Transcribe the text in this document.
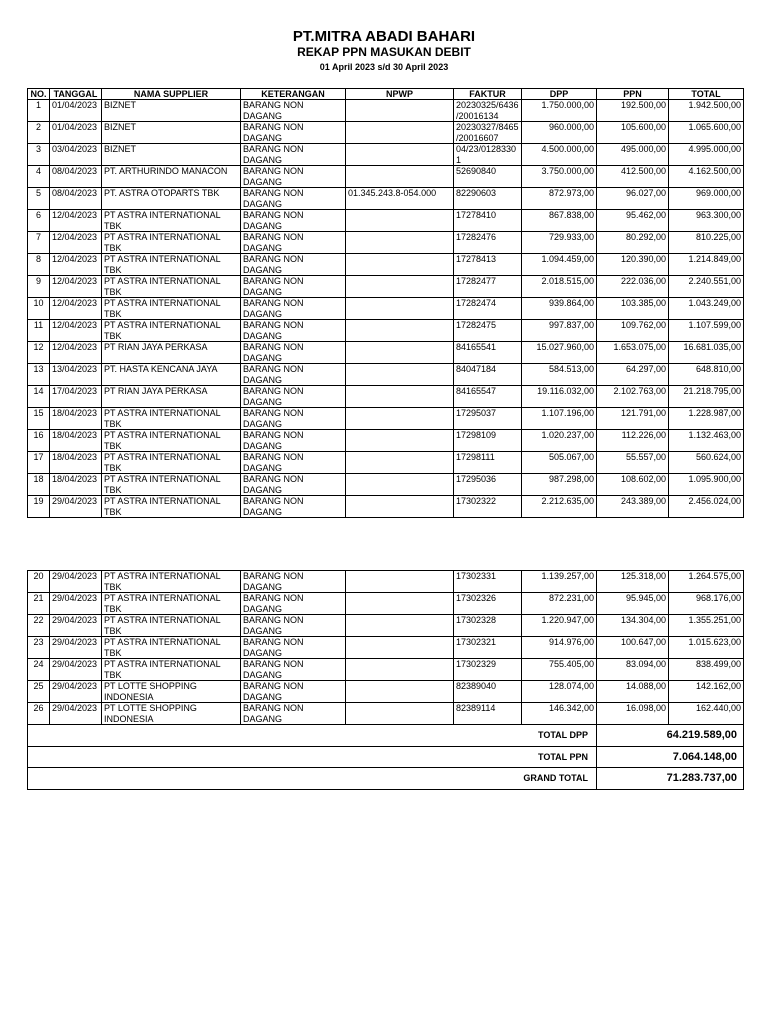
PT.MITRA ABADI BAHARI
REKAP PPN MASUKAN DEBIT
01 April 2023 s/d 30 April 2023
NO.	TANGGAL	NAMA SUPPLIER	KETERANGAN	NPWP	FAKTUR	DPP	PPN	TOTAL
1	01/04/2023	BIZNET	BARANG NON DAGANG		20230325/6436 /20016134	1.750.000,00	192.500,00	1.942.500,00
2	01/04/2023	BIZNET	BARANG NON DAGANG		20230327/8465 /20016607	960.000,00	105.600,00	1.065.600,00
3	03/04/2023	BIZNET	BARANG NON DAGANG		04/23/0128330 1	4.500.000,00	495.000,00	4.995.000,00
4	08/04/2023	PT. ARTHURINDO MANACON	BARANG NON DAGANG		52690840	3.750.000,00	412.500,00	4.162.500,00
5	08/04/2023	PT. ASTRA OTOPARTS TBK	BARANG NON DAGANG	01.345.243.8-054.000	82290603	872.973,00	96.027,00	969.000,00
6	12/04/2023	PT ASTRA INTERNATIONAL TBK	BARANG NON DAGANG		17278410	867.838,00	95.462,00	963.300,00
7	12/04/2023	PT ASTRA INTERNATIONAL TBK	BARANG NON DAGANG		17282476	729.933,00	80.292,00	810.225,00
8	12/04/2023	PT ASTRA INTERNATIONAL TBK	BARANG NON DAGANG		17278413	1.094.459,00	120.390,00	1.214.849,00
9	12/04/2023	PT ASTRA INTERNATIONAL TBK	BARANG NON DAGANG		17282477	2.018.515,00	222.036,00	2.240.551,00
10	12/04/2023	PT ASTRA INTERNATIONAL TBK	BARANG NON DAGANG		17282474	939.864,00	103.385,00	1.043.249,00
11	12/04/2023	PT ASTRA INTERNATIONAL TBK	BARANG NON DAGANG		17282475	997.837,00	109.762,00	1.107.599,00
12	12/04/2023	PT RIAN JAYA PERKASA	BARANG NON DAGANG		84165541	15.027.960,00	1.653.075,00	16.681.035,00
13	13/04/2023	PT. HASTA KENCANA JAYA	BARANG NON DAGANG		84047184	584.513,00	64.297,00	648.810,00
14	17/04/2023	PT RIAN JAYA PERKASA	BARANG NON DAGANG		84165547	19.116.032,00	2.102.763,00	21.218.795,00
15	18/04/2023	PT ASTRA INTERNATIONAL TBK	BARANG NON DAGANG		17295037	1.107.196,00	121.791,00	1.228.987,00
16	18/04/2023	PT ASTRA INTERNATIONAL TBK	BARANG NON DAGANG		17298109	1.020.237,00	112.226,00	1.132.463,00
17	18/04/2023	PT ASTRA INTERNATIONAL TBK	BARANG NON DAGANG		17298111	505.067,00	55.557,00	560.624,00
18	18/04/2023	PT ASTRA INTERNATIONAL TBK	BARANG NON DAGANG		17295036	987.298,00	108.602,00	1.095.900,00
19	29/04/2023	PT ASTRA INTERNATIONAL TBK	BARANG NON DAGANG		17302322	2.212.635,00	243.389,00	2.456.024,00
20	29/04/2023	PT ASTRA INTERNATIONAL TBK	BARANG NON DAGANG		17302331	1.139.257,00	125.318,00	1.264.575,00
21	29/04/2023	PT ASTRA INTERNATIONAL TBK	BARANG NON DAGANG		17302326	872.231,00	95.945,00	968.176,00
22	29/04/2023	PT ASTRA INTERNATIONAL TBK	BARANG NON DAGANG		17302328	1.220.947,00	134.304,00	1.355.251,00
23	29/04/2023	PT ASTRA INTERNATIONAL TBK	BARANG NON DAGANG		17302321	914.976,00	100.647,00	1.015.623,00
24	29/04/2023	PT ASTRA INTERNATIONAL TBK	BARANG NON DAGANG		17302329	755.405,00	83.094,00	838.499,00
25	29/04/2023	PT LOTTE SHOPPING INDONESIA	BARANG NON DAGANG		82389040	128.074,00	14.088,00	142.162,00
26	29/04/2023	PT LOTTE SHOPPING INDONESIA	BARANG NON DAGANG		82389114	146.342,00	16.098,00	162.440,00
TOTAL DPP							64.219.589,00	
TOTAL PPN							7.064.148,00	
GRAND TOTAL							71.283.737,00	
